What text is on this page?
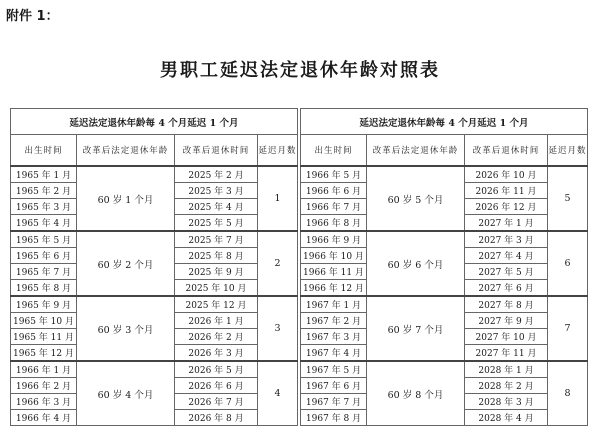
附件 1：
男职工延迟法定退休年龄对照表
延迟法定退休年龄每 4 个月延迟 1 个月			
出生时间	改革后法定退休年龄	改革后退休时间	延迟月数
1965 年 1 月	60 岁 1 个月	2025 年 2 月	1
1965 年 2 月		2025 年 3 月	
1965 年 3 月		2025 年 4 月	
1965 年 4 月		2025 年 5 月	
1965 年 5 月	60 岁 2 个月	2025 年 7 月	2
1965 年 6 月		2025 年 8 月	
1965 年 7 月		2025 年 9 月	
1965 年 8 月		2025 年 10 月	
1965 年 9 月	60 岁 3 个月	2025 年 12 月	3
1965 年 10 月		2026 年 1 月	
1965 年 11 月		2026 年 2 月	
1965 年 12 月		2026 年 3 月	
1966 年 1 月	60 岁 4 个月	2026 年 5 月	4
1966 年 2 月		2026 年 6 月	
1966 年 3 月		2026 年 7 月	
1966 年 4 月		2026 年 8 月	
延迟法定退休年龄每 4 个月延迟 1 个月			
出生时间	改革后法定退休年龄	改革后退休时间	延迟月数
1966 年 5 月	60 岁 5 个月	2026 年 10 月	5
1966 年 6 月		2026 年 11 月	
1966 年 7 月		2026 年 12 月	
1966 年 8 月		2027 年 1 月	
1966 年 9 月	60 岁 6 个月	2027 年 3 月	6
1966 年 10 月		2027 年 4 月	
1966 年 11 月		2027 年 5 月	
1966 年 12 月		2027 年 6 月	
1967 年 1 月	60 岁 7 个月	2027 年 8 月	7
1967 年 2 月		2027 年 9 月	
1967 年 3 月		2027 年 10 月	
1967 年 4 月		2027 年 11 月	
1967 年 5 月	60 岁 8 个月	2028 年 1 月	8
1967 年 6 月		2028 年 2 月	
1967 年 7 月		2028 年 3 月	
1967 年 8 月		2028 年 4 月	
